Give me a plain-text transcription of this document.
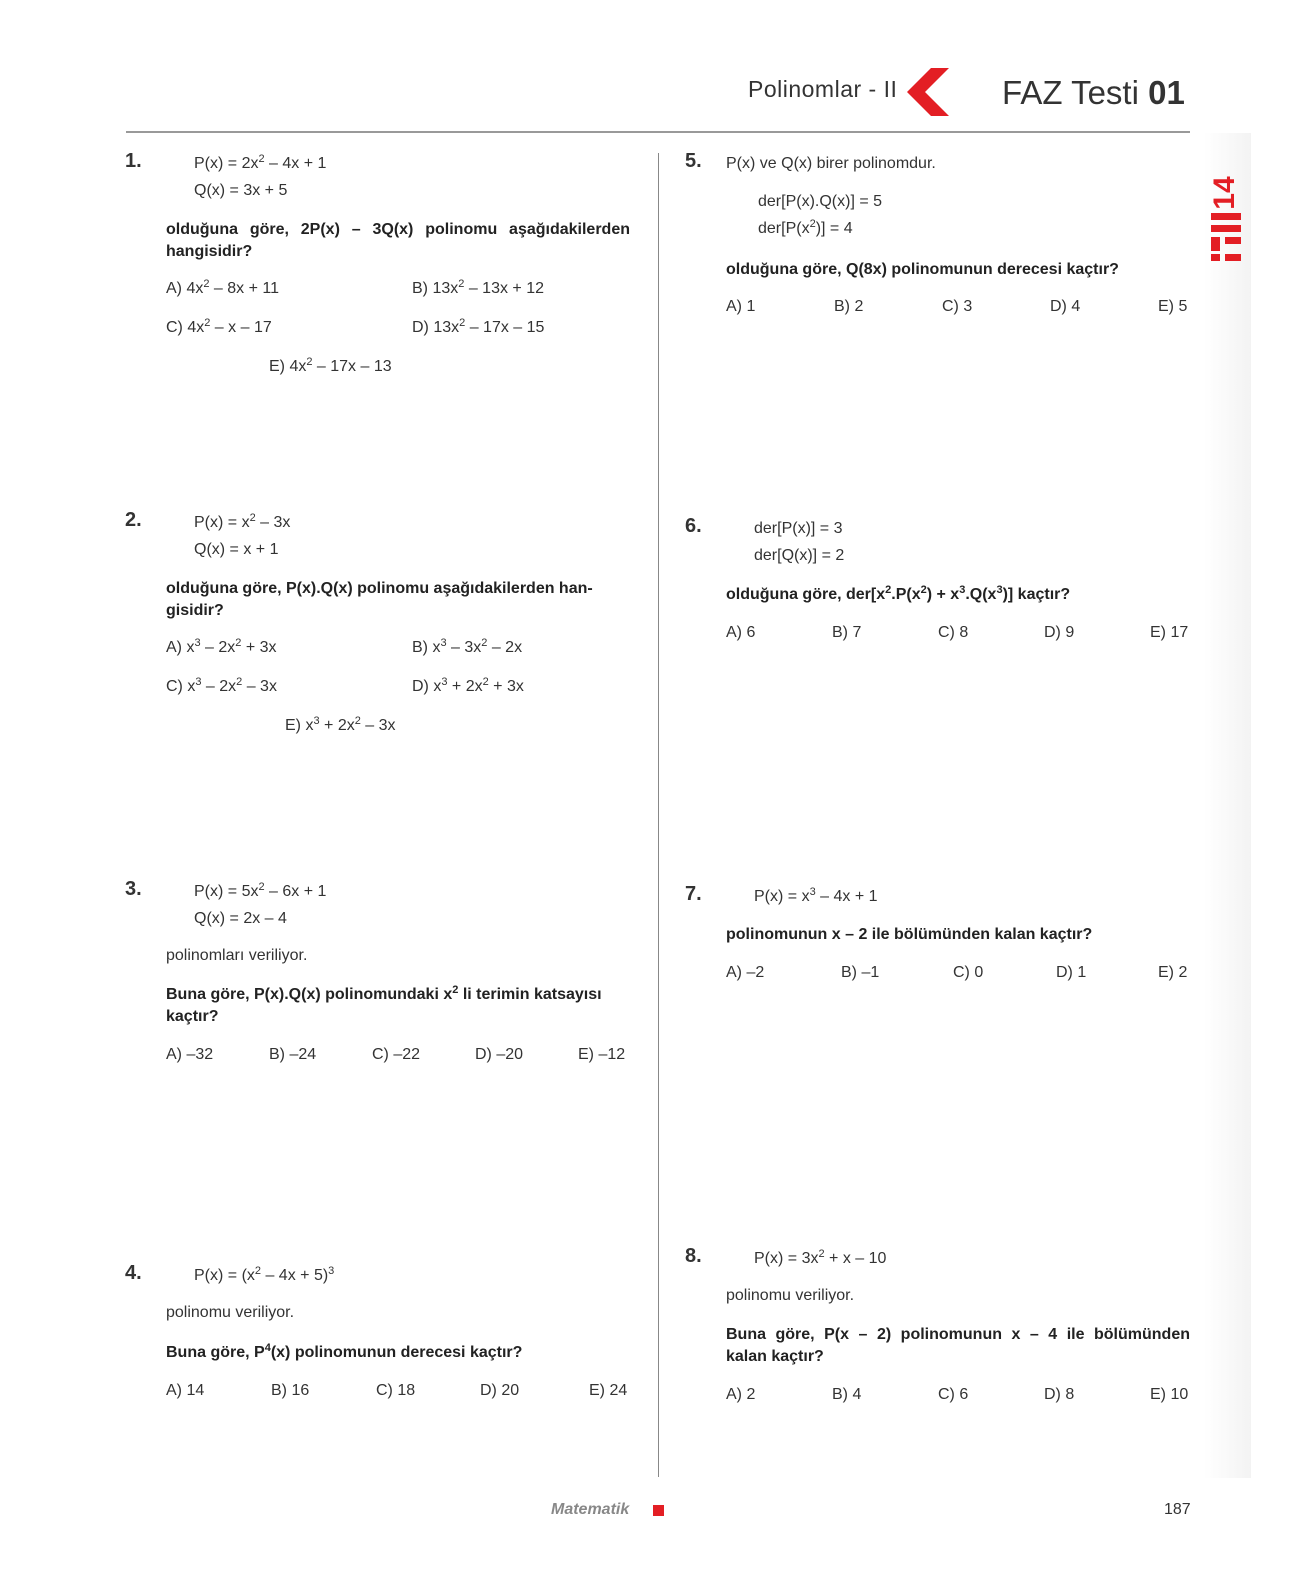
Polinomlar - II	FAZ Testi 01
14
1.	$P(x) = 2x^2 - 4x + 1$
Q(x) = 3x + 5
olduğuna göre, 2P(x) – 3Q(x) polinomu aşağıdakilerden hangisidir?
A) $4x^2 - 8x + 11$	B) $13x^2 - 13x + 12$
C) $4x^2$ – x – 17	D) $13x^2 - 17x - 15$
E) $4x^2 - 17x - 13$
2.	$P(x) = x^2 - 3x$
Q(x) = x + 1
olduğuna göre, P(x).Q(x) polinomu aşağıdakilerden han-
gisidir?
A) $x^3 - 2x^2 + 3x$	B) $x^3 - 3x^2 - 2x$
C) $x^3 - 2x^2 - 3x$	D) $x^3 + 2x^2 + 3x$
E) $x^3 + 2x^2 - 3x$
3.	$P(x) = 5x^2 - 6x + 1$
Q(x) = 2x – 4
polinomları veriliyor.
Buna göre, P(x).Q(x) polinomundaki $x^2$ li terimin katsayısı
kaçtır?
A) –32	B) –24	C) –22	D) –20	E) –12
4.	$P(x) = (x^2 - 4x + 5)^3$
polinomu veriliyor.
Buna göre, $P^4(x)$ polinomunun derecesi kaçtır?
A) 14	B) 16	C) 18	D) 20	E) 24
5. P(x) ve Q(x) birer polinomdur.
der[P(x).Q(x)] = 5
$der[P(x^2)] = 4$
olduğuna göre, Q(8x) polinomunun derecesi kaçtır?
A) 1	B) 2	C) 3	D) 4	E) 5
6.	der[P(x)] = 3
der[Q(x)] = 2
olduğuna göre, $der[x^2.P(x^2) + x^3.Q(x^3)]$ kaçtır?
A) 6	B) 7	C) 8	D) 9	E) 17
7.	$P(x) = x^3 - 4x + 1$
polinomunun x – 2 ile bölümünden kalan kaçtır?
A) –2	B) –1	C) 0	D) 1	E) 2
8.	$P(x) = 3x^2 + x - 10$
polinomu veriliyor.
Buna göre, P(x – 2) polinomunun x – 4 ile bölümünden
kalan kaçtır?
A) 2	B) 4	C) 6	D) 8	E) 10
Matematik	187
